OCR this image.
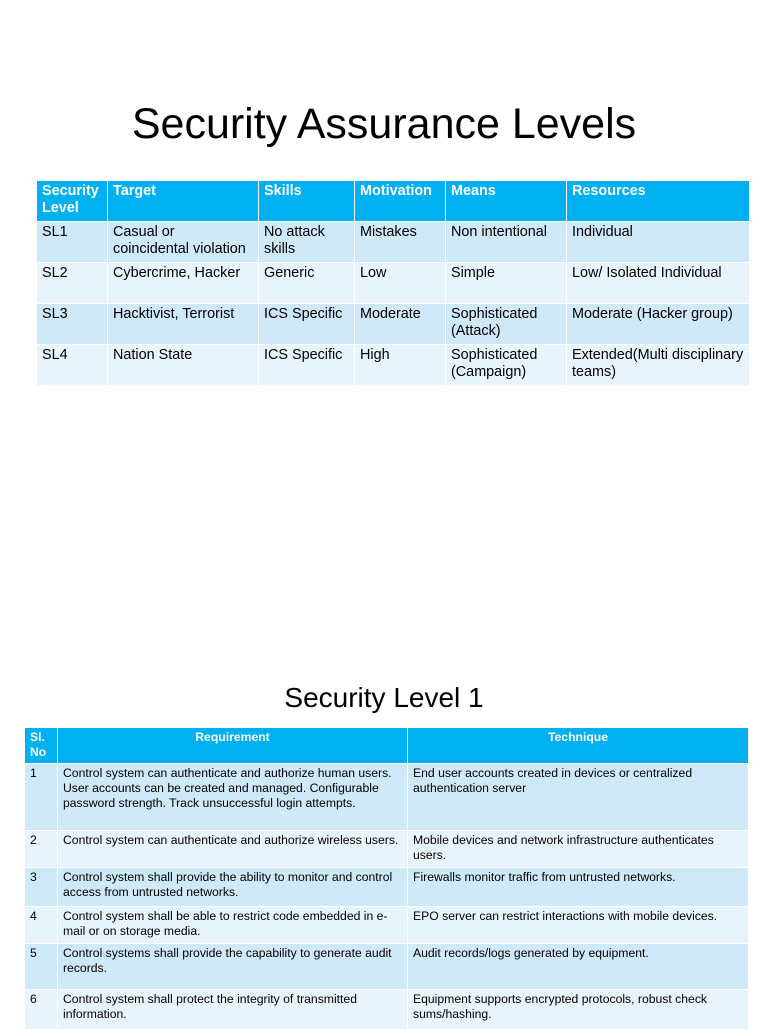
Security Assurance Levels
Security Level	Target	Skills	Motivation	Means	Resources
SL1	Casual or coincidental violation	No attack skills	Mistakes	Non intentional	Individual
SL2	Cybercrime, Hacker	Generic	Low	Simple	Low/ Isolated Individual
SL3	Hacktivist, Terrorist	ICS Specific	Moderate	Sophisticated (Attack)	Moderate (Hacker group)
SL4	Nation State	ICS Specific	High	Sophisticated (Campaign)	Extended(Multi disciplinary teams)
Security Level 1
Sl. No	Requirement	Technique
1	Control system can authenticate and authorize human users. User accounts can be created and managed. Configurable password strength. Track unsuccessful login attempts.	End user accounts created in devices or centralized authentication server
2	Control system can authenticate and authorize wireless users.	Mobile devices and network infrastructure authenticates users.
3	Control system shall provide the ability to monitor and control access from untrusted networks.	Firewalls monitor traffic from untrusted networks.
4	Control system shall be able to restrict code embedded in e-mail or on storage media.	EPO server can restrict interactions with mobile devices.
5	Control systems shall provide the capability to generate audit records.	Audit records/logs generated by equipment.
6	Control system shall protect the integrity of transmitted information.	Equipment supports encrypted protocols, robust check sums/hashing.
